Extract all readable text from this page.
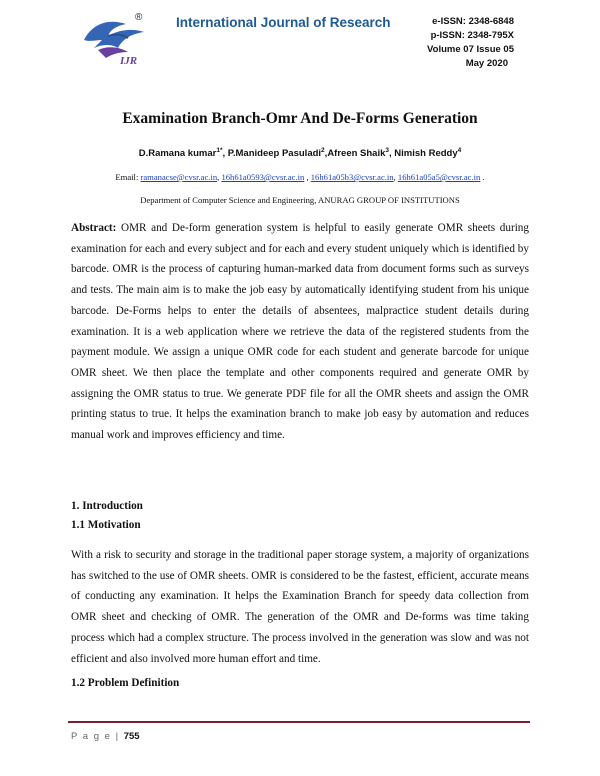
IJR
® International Journal of Research	e-ISSN: 2348-6848
p-ISSN: 2348-795X
Volume 07 Issue 05
May 2020
Examination Branch-Omr And De-Forms Generation
D.Ramana kumar$^{1*}$, P.Manideep Pasuladi$^2$,Afreen Shaik$^3$, Nimish Reddy$^4$
Email: ramanacse@cvsr.ac.in, 16h61a0593@cvsr.ac.in , 16h61a05b3@cvsr.ac.in, 16h61a05a5@cvsr.ac.in .
Department of Computer Science and Engineering, ANURAG GROUP OF INSTITUTIONS
Abstract: OMR and De-form generation system is helpful to easily generate OMR sheets during examination for each and every subject and for each and every student uniquely which is identified by barcode. OMR is the process of capturing human-marked data from document forms such as surveys and tests. The main aim is to make the job easy by automatically identifying student from his unique barcode. De-Forms helps to enter the details of absentees, malpractice student details during examination. It is a web application where we retrieve the data of the registered students from the payment module. We assign a unique OMR code for each student and generate barcode for unique OMR sheet. We then place the template and other components required and generate OMR by assigning the OMR status to true. We generate PDF file for all the OMR sheets and assign the OMR printing status to true. It helps the examination branch to make job easy by automation and reduces manual work and improves efficiency and time.
1. Introduction
1.1 Motivation
With a risk to security and storage in the traditional paper storage system, a majority of organizations has switched to the use of OMR sheets. OMR is considered to be the fastest, efficient, accurate means of conducting any examination. It helps the Examination Branch for speedy data collection from OMR sheet and checking of OMR. The generation of the OMR and De-forms was time taking process which had a complex structure. The process involved in the generation was slow and was not efficient and also involved more human effort and time.
1.2 Problem Definition
P a g e | 755
